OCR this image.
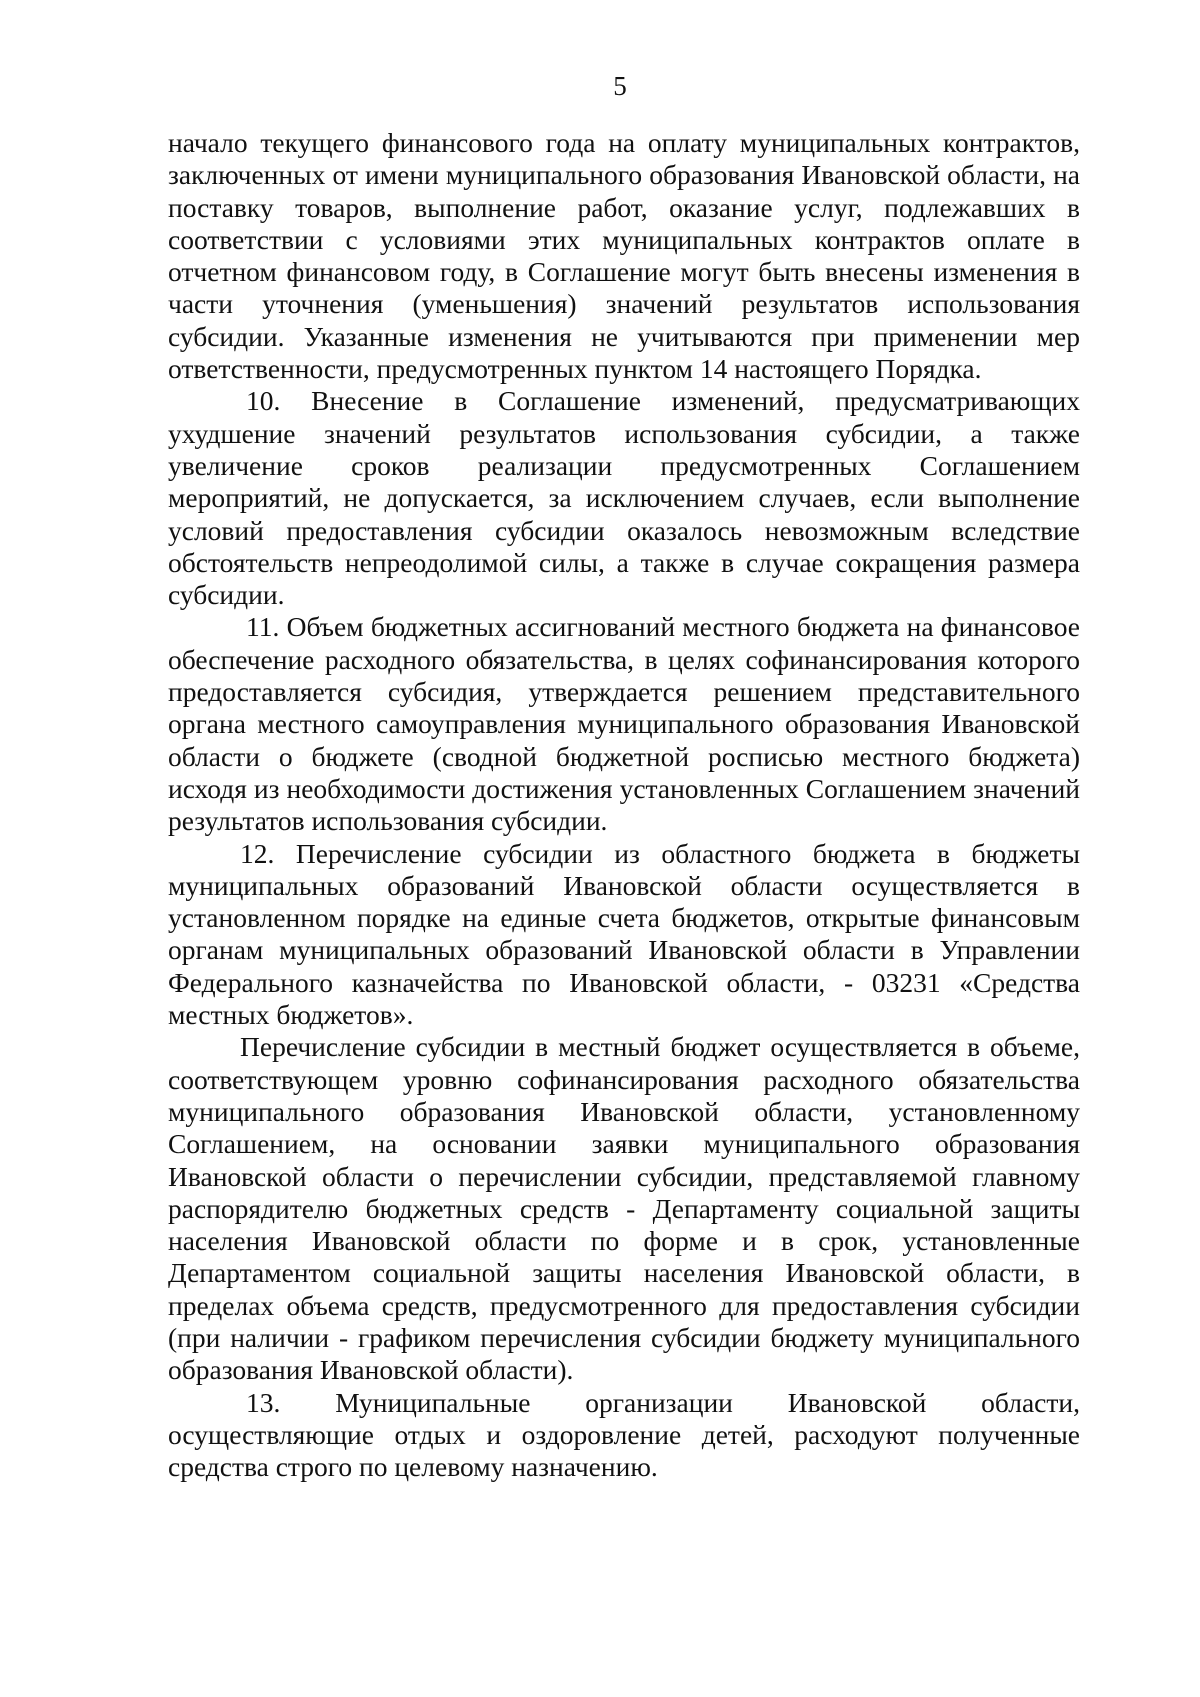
5

начало текущего финансового года на оплату муниципальных контрактов, заключенных от имени муниципального образования Ивановской области, на поставку товаров, выполнение работ, оказание услуг, подлежавших в соответствии с условиями этих муниципальных контрактов оплате в отчетном финансовом году, в Соглашение могут быть внесены изменения в части уточнения (уменьшения) значений результатов использования субсидии. Указанные изменения не учитываются при применении мер ответственности, предусмотренных пунктом 14 настоящего Порядка.

10. Внесение в Соглашение изменений, предусматривающих ухудшение значений результатов использования субсидии, а также увеличение сроков реализации предусмотренных Соглашением мероприятий, не допускается, за исключением случаев, если выполнение условий предоставления субсидии оказалось невозможным вследствие обстоятельств непреодолимой силы, а также в случае сокращения размера субсидии.

11. Объем бюджетных ассигнований местного бюджета на финансовое обеспечение расходного обязательства, в целях софинансирования которого предоставляется субсидия, утверждается решением представительного органа местного самоуправления муниципального образования Ивановской области о бюджете (сводной бюджетной росписью местного бюджета) исходя из необходимости достижения установленных Соглашением значений результатов использования субсидии.

12. Перечисление субсидии из областного бюджета в бюджеты муниципальных образований Ивановской области осуществляется в установленном порядке на единые счета бюджетов, открытые финансовым органам муниципальных образований Ивановской области в Управлении Федерального казначейства по Ивановской области, - 03231 «Средства местных бюджетов».

Перечисление субсидии в местный бюджет осуществляется в объеме, соответствующем уровню софинансирования расходного обязательства муниципального образования Ивановской области, установленному Соглашением, на основании заявки муниципального образования Ивановской области о перечислении субсидии, представляемой главному распорядителю бюджетных средств - Департаменту социальной защиты населения Ивановской области по форме и в срок, установленные Департаментом социальной защиты населения Ивановской области, в пределах объема средств, предусмотренного для предоставления субсидии (при наличии - графиком перечисления субсидии бюджету муниципального образования Ивановской области).

13. Муниципальные организации Ивановской области, осуществляющие отдых и оздоровление детей, расходуют полученные средства строго по целевому назначению.
